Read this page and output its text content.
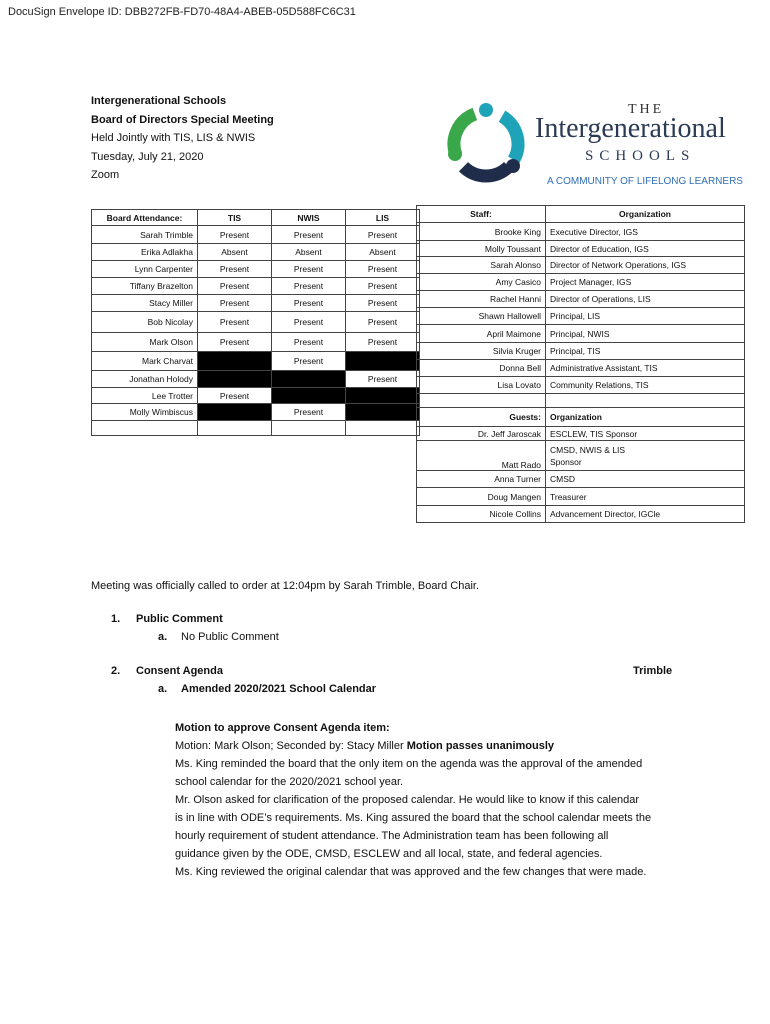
DocuSign Envelope ID: DBB272FB-FD70-48A4-ABEB-05D588FC6C31
Intergenerational Schools
Board of Directors Special Meeting
Held Jointly with TIS, LIS & NWIS
Tuesday, July 21, 2020
Zoom
THE
Intergenerational
SCHOOLS
A COMMUNITY OF LIFELONG LEARNERS
Board Attendance:	TIS	NWIS	LIS
Sarah Trimble	Present	Present	Present
Erika Adlakha	Absent	Absent	Absent
Lynn Carpenter	Present	Present	Present
Tiffany Brazelton	Present	Present	Present
Stacy Miller	Present	Present	Present
Bob Nicolay	Present	Present	Present
Mark Olson	Present	Present	Present
Mark Charvat		Present	
Jonathan Holody			Present
Lee Trotter	Present		
Molly Wimbiscus		Present	

Staff:	Organization
Brooke King	Executive Director, IGS
Molly Toussant	Director of Education, IGS
Sarah Alonso	Director of Network Operations, IGS
Amy Casico	Project Manager, IGS
Rachel Hanni	Director of Operations, LIS
Shawn Hallowell	Principal, LIS
April Maimone	Principal, NWIS
Silvia Kruger	Principal, TIS
Donna Bell	Administrative Assistant, TIS
Lisa Lovato	Community Relations, TIS

Guests:	Organization
Dr. Jeff Jaroscak	ESCLEW, TIS Sponsor
Matt Rado	CMSD, NWIS & LIS
Sponsor

Anna Turner	CMSD
Doug Mangen	Treasurer
Nicole Collins	Advancement Director, IGCle
Meeting was officially called to order at 12:04pm by Sarah Trimble, Board Chair.
1. Public Comment
a. No Public Comment
2. Consent Agenda	Trimble
a. Amended 2020/2021 School Calendar
Motion to approve Consent Agenda item:
Motion: Mark Olson; Seconded by: Stacy Miller Motion passes unanimously
Ms. King reminded the board that the only item on the agenda was the approval of the amended
school calendar for the 2020/2021 school year.
Mr. Olson asked for clarification of the proposed calendar. He would like to know if this calendar
is in line with ODE’s requirements. Ms. King assured the board that the school calendar meets the
hourly requirement of student attendance. The Administration team has been following all
guidance given by the ODE, CMSD, ESCLEW and all local, state, and federal agencies.
Ms. King reviewed the original calendar that was approved and the few changes that were made.
